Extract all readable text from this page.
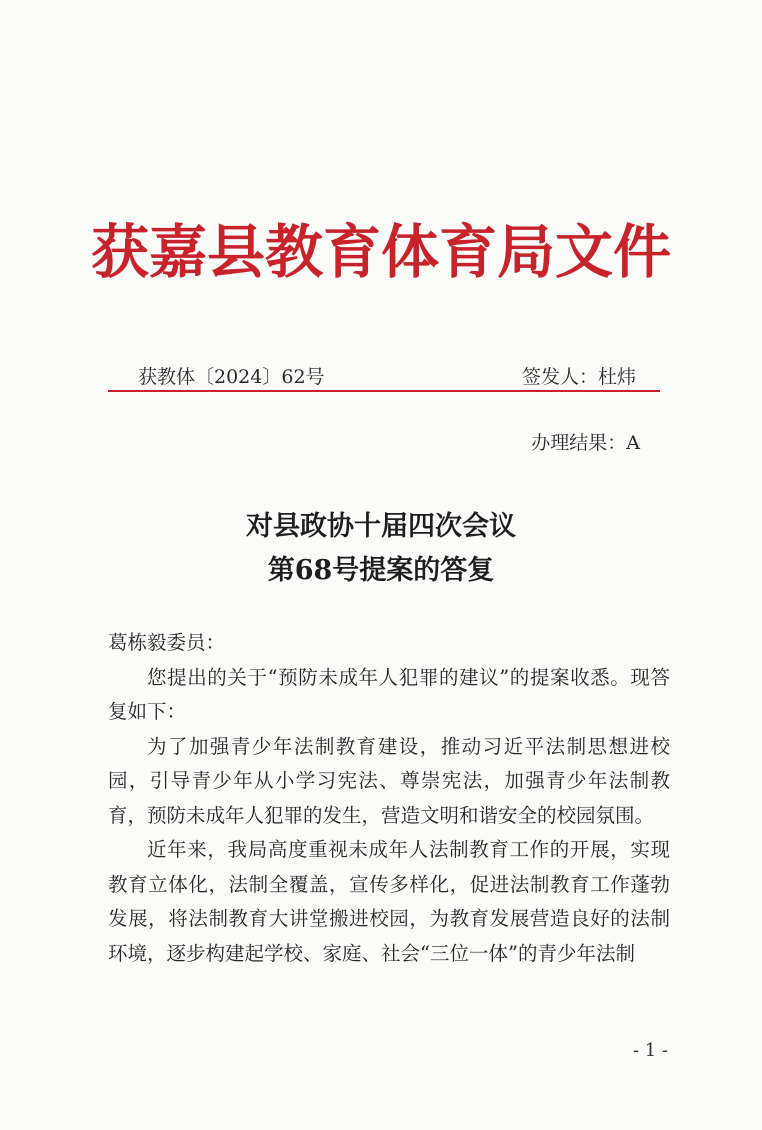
获嘉县教育体育局文件
获教体〔2024〕62号	签发人：杜炜
办理结果：A
对县政协十届四次会议
第68号提案的答复

葛栋毅委员：

您提出的关于“预防未成年人犯罪的建议”的提案收悉。现答复如下：

为了加强青少年法制教育建设，推动习近平法制思想进校园，引导青少年从小学习宪法、尊崇宪法，加强青少年法制教育，预防未成年人犯罪的发生，营造文明和谐安全的校园氛围。

近年来，我局高度重视未成年人法制教育工作的开展，实现教育立体化，法制全覆盖，宣传多样化，促进法制教育工作蓬勃发展，将法制教育大讲堂搬进校园，为教育发展营造良好的法制环境，逐步构建起学校、家庭、社会“三位一体”的青少年法制

- 1 -
